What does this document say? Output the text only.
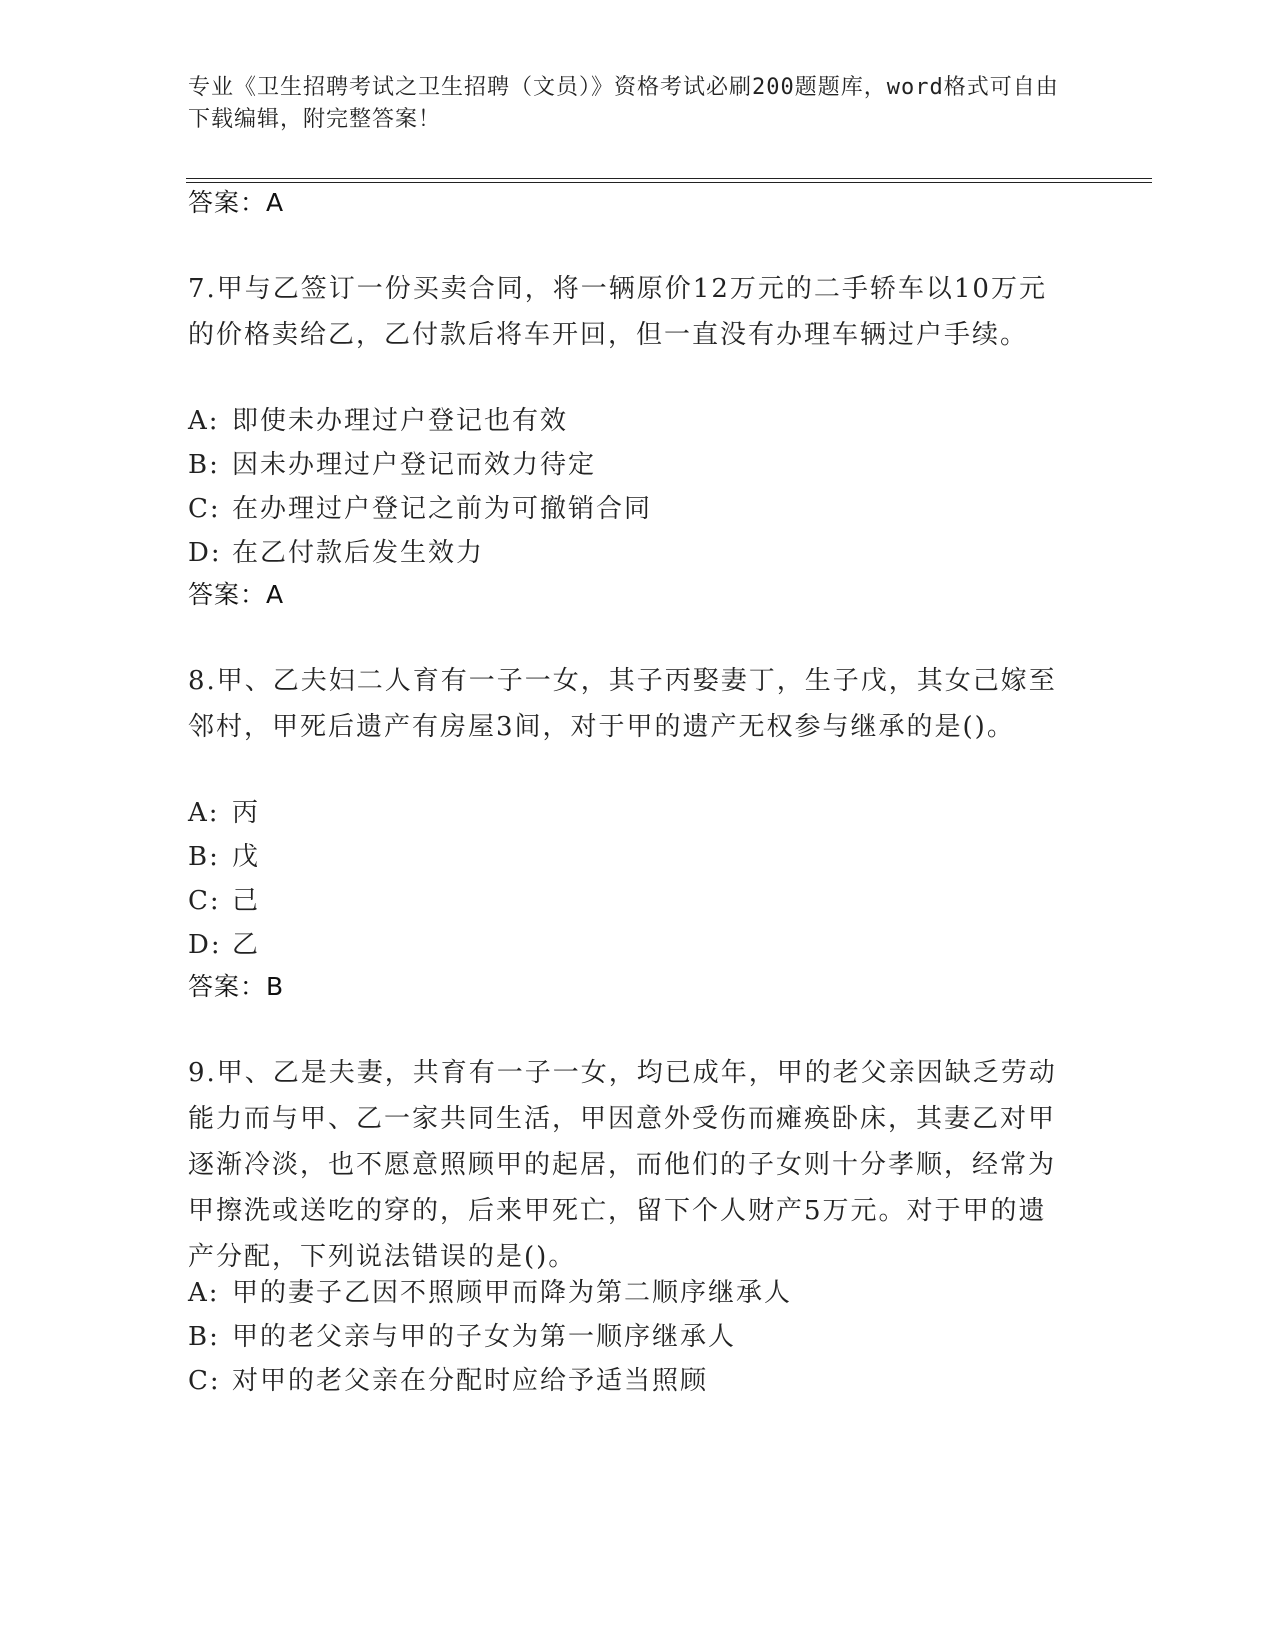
专业《卫生招聘考试之卫生招聘（文员）》资格考试必刷200题题库，word格式可自由下载编辑，附完整答案！
答案：A
7.甲与乙签订一份买卖合同，将一辆原价12万元的二手轿车以10万元的价格卖给乙，乙付款后将车开回，但一直没有办理车辆过户手续。
A: 即使未办理过户登记也有效
B: 因未办理过户登记而效力待定
C: 在办理过户登记之前为可撤销合同
D: 在乙付款后发生效力
答案：A
8.甲、乙夫妇二人育有一子一女，其子丙娶妻丁，生子戊，其女己嫁至邻村，甲死后遗产有房屋3间，对于甲的遗产无权参与继承的是()。
A: 丙
B: 戊
C: 己
D: 乙
答案：B
9.甲、乙是夫妻，共育有一子一女，均已成年，甲的老父亲因缺乏劳动能力而与甲、乙一家共同生活，甲因意外受伤而瘫痪卧床，其妻乙对甲逐渐冷淡，也不愿意照顾甲的起居，而他们的子女则十分孝顺，经常为甲擦洗或送吃的穿的，后来甲死亡，留下个人财产5万元。对于甲的遗产分配，下列说法错误的是()。
A: 甲的妻子乙因不照顾甲而降为第二顺序继承人
B: 甲的老父亲与甲的子女为第一顺序继承人
C: 对甲的老父亲在分配时应给予适当照顾
